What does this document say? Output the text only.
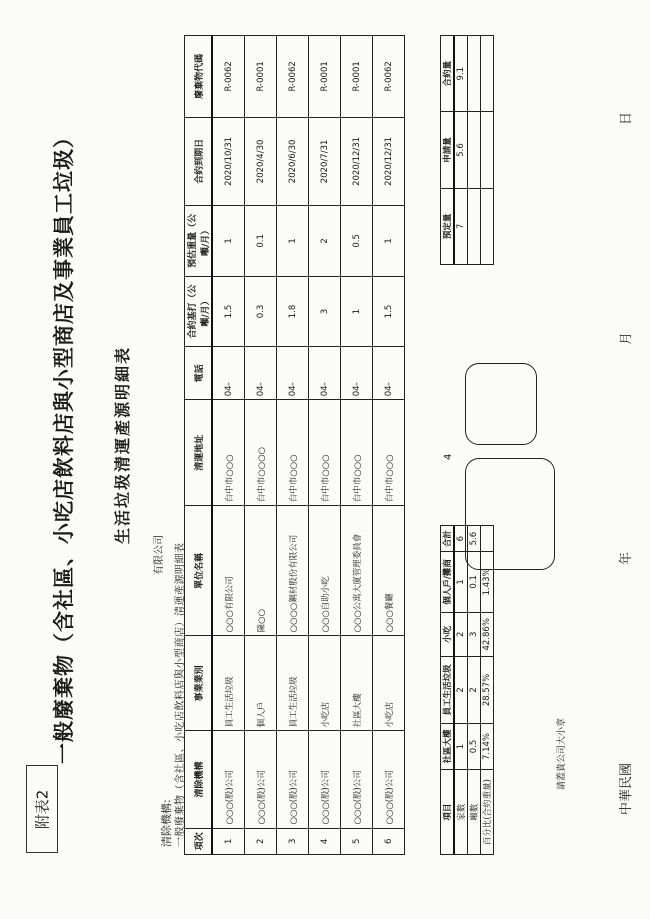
附表2
一般廢棄物（含社區、小吃店飲料店與小型商店及事業員工垃圾） 生活垃圾清運產源明細表
有限公司
清除機構: 一般廢棄物（含社區、小吃店飲料店與小型商店）清運產源明細表 項次	清除機構	事業業別	單位名稱	清運地址	電話	合約基打（公噸/月）	預估重量（公噸/月）	合約到期日	廢棄物代碼
1	○○○(股)公司	員工生活垃圾	○○○有限公司	台中市○○○	04-	1.5	1	2020/10/31	R-0062
2	○○○(股)公司	個人戶	陳○○	台中市○○○○	04-	0.3	0.1	2020/4/30	R-0001
3	○○○(股)公司	員工生活垃圾	○○○○鋼材股份有限公司	台中市○○○	04-	1.8	1	2020/6/30	R-0062
4	○○○(股)公司	小吃店	○○○自助小吃	台中市○○○	04-	3	2	2020/7/31	R-0001
5	○○○(股)公司	社區大樓	○○○公寓大廈管理委員會	台中市○○○	04-	1	0.5	2020/12/31	R-0001
6	○○○(股)公司	小吃店	○○○餐廳	台中市○○○	04-	1.5	1	2020/12/31	R-0062
項目	社區大樓	員工生活垃圾	小吃	個人戶/攤商	合計
家數	1	2	2	1	6
噸數	0.5	2	3	0.1	5.6
百分比(合約重量)	7.14%	28.57%	42.86%	1.43%	
預定量	申請量	合約量
7	5.6	9.1

4
請蓋貴公司大小章	中華民國
年
月
日
